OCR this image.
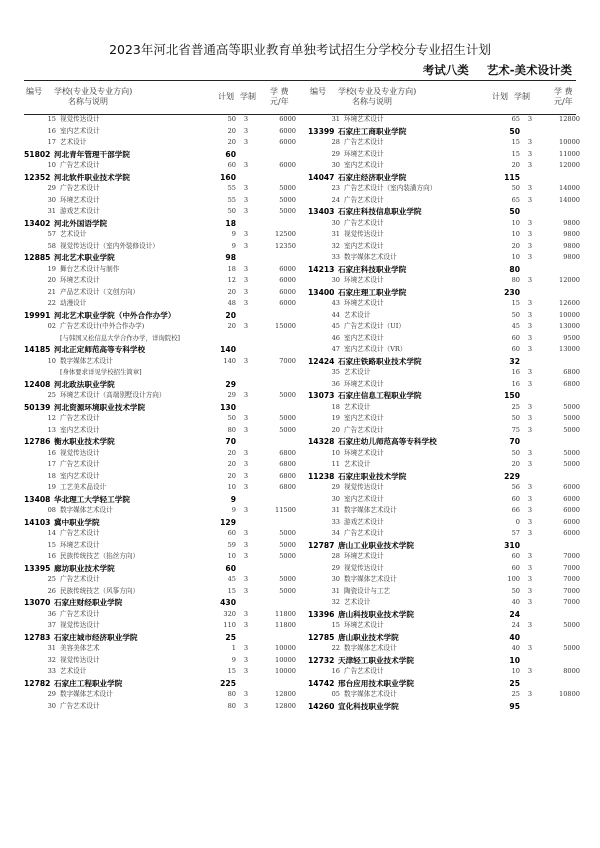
2023年河北省普通高等职业教育单独考试招生分学校分专业招生计划
考试八类 艺术-美术设计类
编号 学校(专业及专业方向)
名称与说明
计划 学制
学 费
元/年
15 视觉传达设计	50	3	6000
16 室内艺术设计	20	3	6000
17 艺术设计	20	3	6000
51802 河北青年管理干部学院	60
10 广告艺术设计	60	3	6000
12352 河北软件职业技术学院	160
29 广告艺术设计	55	3	5000
30 环境艺术设计	55	3	5000
31 游戏艺术设计	50	3	5000
13402 河北外国语学院	18
57 艺术设计	9	3	12500
58 视觉传达设计（室内外装修设计）	9	3	12350
12885 河北艺术职业学院	98
19 舞台艺术设计与制作	18	3	6000
20 环境艺术设计	12	3	6000
21 产品艺术设计（文创方向）	20	3	6000
22 动漫设计	48	3	6000
19991 河北艺术职业学院（中外合作办学）	20
02 广告艺术设计(中外合作办学)	20	3	15000
[与韩国又松信息大学合作办学，详询院校]
14185 河北正定师范高等专科学校	140
10 数字媒体艺术设计	140	3	7000
[身体要求详见学校招生简章]
12408 河北政法职业学院	29
25 环境艺术设计（高端别墅设计方向）	29	3	5000
50139 河北资源环境职业技术学院	130
12 广告艺术设计	50	3	5000
13 室内艺术设计	80	3	5000
12786 衡水职业技术学院	70
16 视觉传达设计	20	3	6800
17 广告艺术设计	20	3	6800
18 室内艺术设计	20	3	6800
19 工艺美术品设计	10	3	6800
13408 华北理工大学轻工学院	9
08 数字媒体艺术设计	9	3	11500
14103 冀中职业学院	129
14 广告艺术设计	60	3	5000
15 环境艺术设计	59	3	5000
16 民族传统技艺（掐丝方向）	10	3	5000
13395 廊坊职业技术学院	60
25 广告艺术设计	45	3	5000
26 民族传统技艺（风筝方向）	15	3	5000
13070 石家庄财经职业学院	430
36 广告艺术设计	320	3	11800
37 视觉传达设计	110	3	11800
12783 石家庄城市经济职业学院	25
31 美容美体艺术	1	3	10000
32 视觉传达设计	9	3	10000
33 艺术设计	15	3	10000
12782 石家庄工程职业学院	225
29 数字媒体艺术设计	80	3	12800
30 广告艺术设计	80	3	12800
编号 学校(专业及专业方向)
名称与说明
计划 学制
学 费
元/年
31 环境艺术设计	65	3	12800
13399 石家庄工商职业学院	50
28 广告艺术设计	15	3	10000
29 环境艺术设计	15	3	11000
30 室内艺术设计	20	3	12000
14047 石家庄经济职业学院	115
23 广告艺术设计（室内装潢方向）	50	3	14000
24 广告艺术设计	65	3	14000
13403 石家庄科技信息职业学院	50
30 广告艺术设计	10	3	9800
31 视觉传达设计	10	3	9800
32 室内艺术设计	20	3	9800
33 数字媒体艺术设计	10	3	9800
14213 石家庄科技职业学院	80
30 环境艺术设计	80	3	12000
13400 石家庄理工职业学院	230
43 环境艺术设计	15	3	12600
44 艺术设计	50	3	10000
45 广告艺术设计（UI）	45	3	13000
46 室内艺术设计	60	3	9500
47 室内艺术设计（VR）	60	3	13000
12424 石家庄铁路职业技术学院	32
35 艺术设计	16	3	6800
36 环境艺术设计	16	3	6800
13073 石家庄信息工程职业学院	150
18 艺术设计	25	3	5000
19 室内艺术设计	50	3	5000
20 广告艺术设计	75	3	5000
14328 石家庄幼儿师范高等专科学校	70
10 环境艺术设计	50	3	5000
11 艺术设计	20	3	5000
11238 石家庄职业技术学院	229
29 视觉传达设计	56	3	6000
30 室内艺术设计	60	3	6000
31 数字媒体艺术设计	66	3	6000
33 游戏艺术设计	0	3	6000
34 广告艺术设计	57	3	6000
12787 唐山工业职业技术学院	310
28 环境艺术设计	60	3	7000
29 视觉传达设计	60	3	7000
30 数字媒体艺术设计	100	3	7000
31 陶瓷设计与工艺	50	3	7000
32 艺术设计	40	3	7000
13396 唐山科技职业技术学院	24
15 环境艺术设计	24	3	5000
12785 唐山职业技术学院	40
22 数字媒体艺术设计	40	3	5000
12732 天津轻工职业技术学院	10
16 广告艺术设计	10	3	8000
14742 邢台应用技术职业学院	25
05 数字媒体艺术设计	25	3	10800
14260 宣化科技职业学院	95
